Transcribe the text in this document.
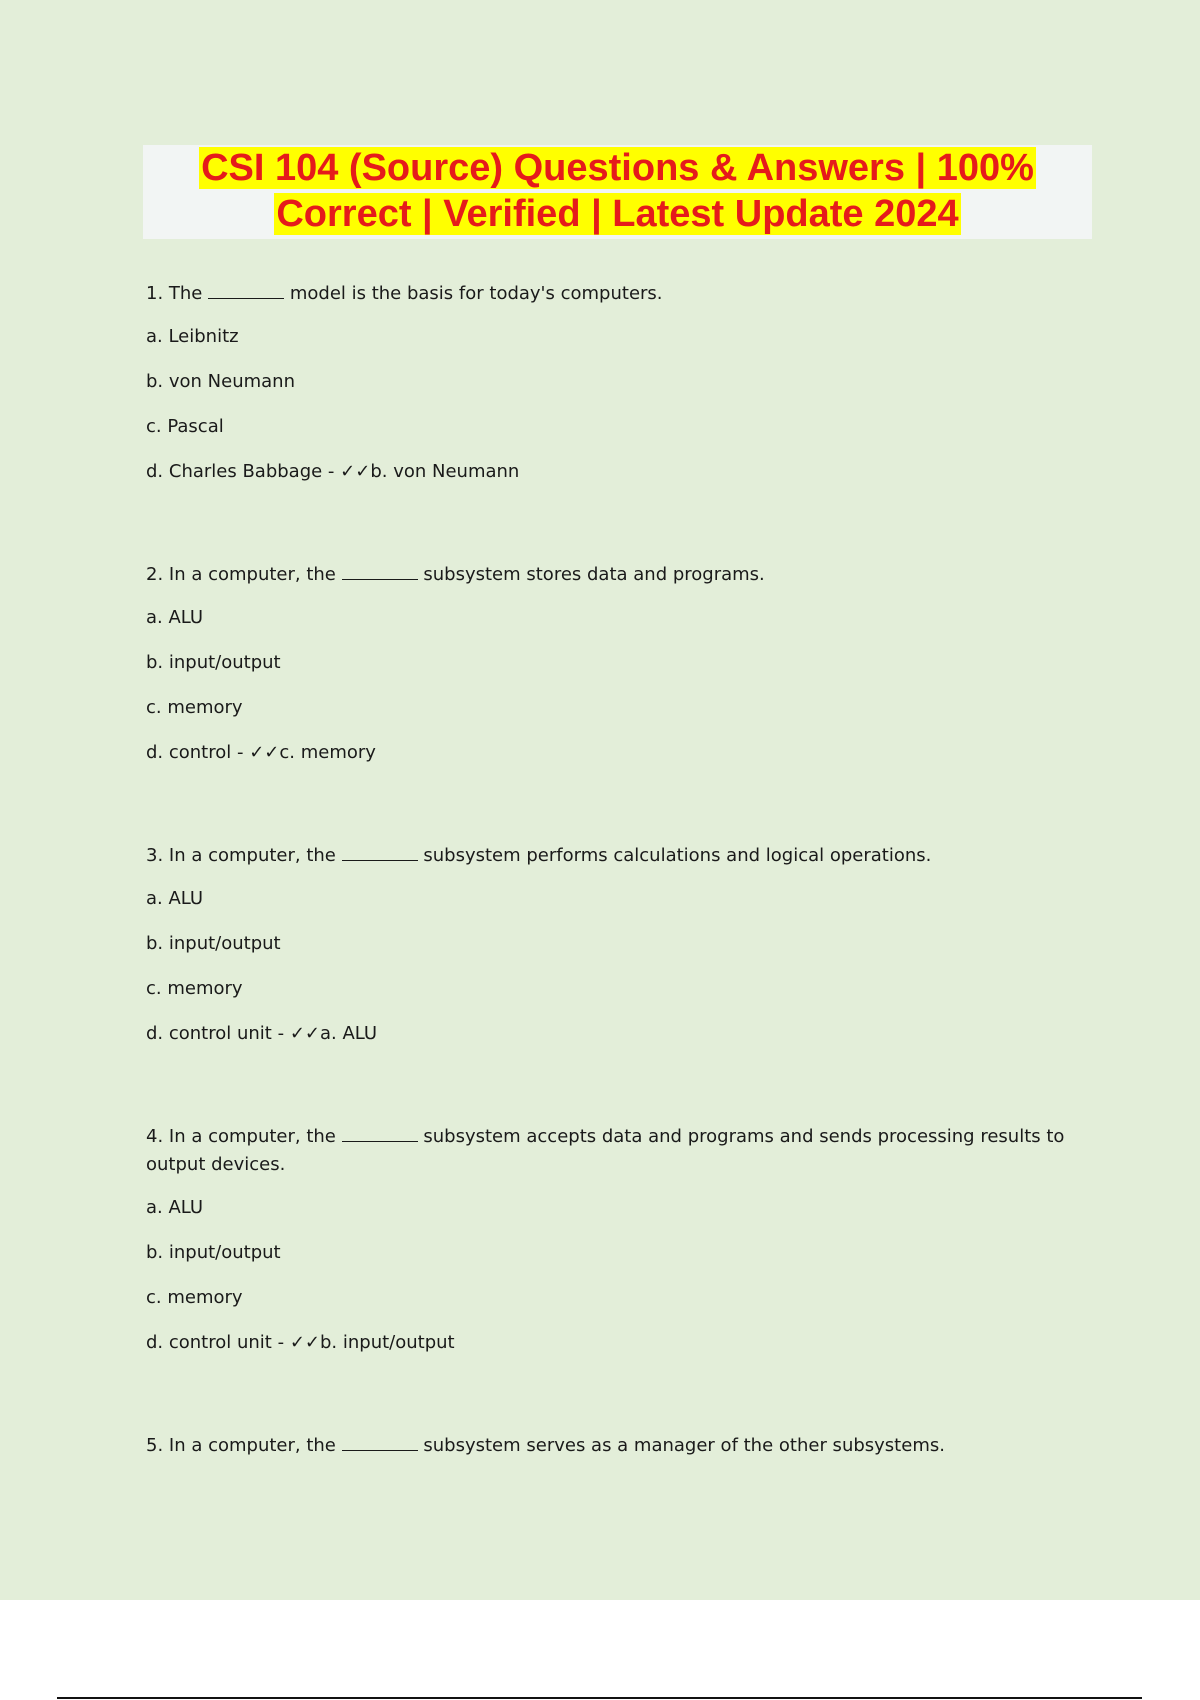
CSI 104 (Source) Questions & Answers | 100%
Correct | Verified | Latest Update 2024
1. The	model is the basis for today's computers.
a. Leibnitz
b. von Neumann
c. Pascal
d. Charles Babbage - ✓✓b. von Neumann
2. In a computer, the	subsystem stores data and programs.
a. ALU
b. input/output
c. memory
d. control - ✓✓c. memory
3. In a computer, the	subsystem performs calculations and logical operations.
a. ALU
b. input/output
c. memory
d. control unit - ✓✓a. ALU
4. In a computer, the	subsystem accepts data and programs and sends processing results to output devices.
a. ALU
b. input/output
c. memory
d. control unit - ✓✓b. input/output
5. In a computer, the	subsystem serves as a manager of the other subsystems.
